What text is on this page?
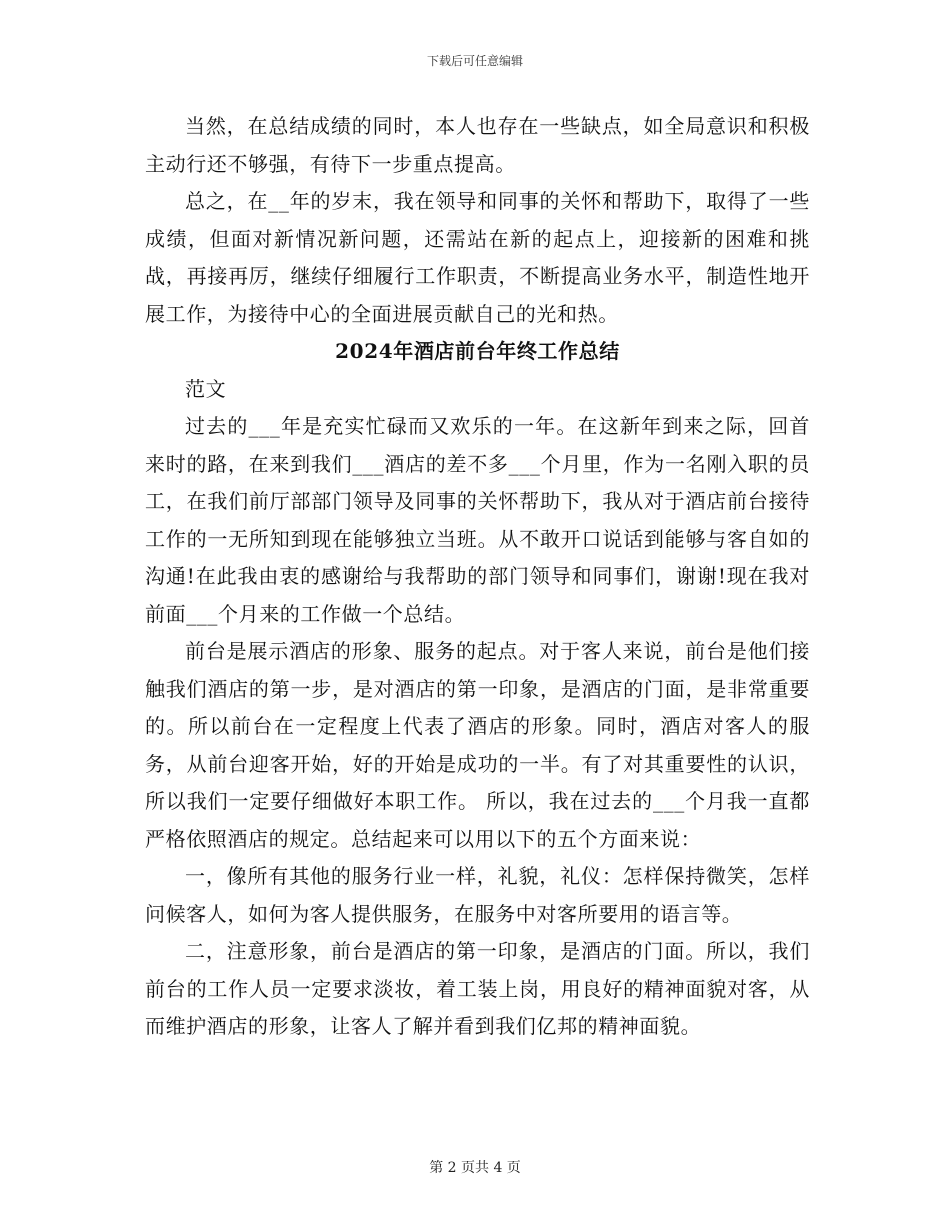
下载后可任意编辑

当然，在总结成绩的同时，本人也存在一些缺点，如全局意识和积极主动行还不够强，有待下一步重点提高。

总之，在__年的岁末，我在领导和同事的关怀和帮助下，取得了一些成绩，但面对新情况新问题，还需站在新的起点上，迎接新的困难和挑战，再接再厉，继续仔细履行工作职责，不断提高业务水平，制造性地开展工作，为接待中心的全面进展贡献自己的光和热。

2024年酒店前台年终工作总结

范文

过去的___年是充实忙碌而又欢乐的一年。在这新年到来之际，回首来时的路，在来到我们___酒店的差不多___个月里，作为一名刚入职的员工，在我们前厅部部门领导及同事的关怀帮助下，我从对于酒店前台接待工作的一无所知到现在能够独立当班。从不敢开口说话到能够与客自如的沟通!在此我由衷的感谢给与我帮助的部门领导和同事们，谢谢!现在我对前面___个月来的工作做一个总结。

前台是展示酒店的形象、服务的起点。对于客人来说，前台是他们接触我们酒店的第一步，是对酒店的第一印象，是酒店的门面，是非常重要的。所以前台在一定程度上代表了酒店的形象。同时，酒店对客人的服务，从前台迎客开始，好的开始是成功的一半。有了对其重要性的认识，所以我们一定要仔细做好本职工作。 所以，我在过去的___个月我一直都严格依照酒店的规定。总结起来可以用以下的五个方面来说：

一，像所有其他的服务行业一样，礼貌，礼仪：怎样保持微笑，怎样问候客人，如何为客人提供服务，在服务中对客所要用的语言等。

二，注意形象，前台是酒店的第一印象，是酒店的门面。所以，我们前台的工作人员一定要求淡妆，着工装上岗，用良好的精神面貌对客，从而维护酒店的形象，让客人了解并看到我们亿邦的精神面貌。

第 2 页共 4 页
